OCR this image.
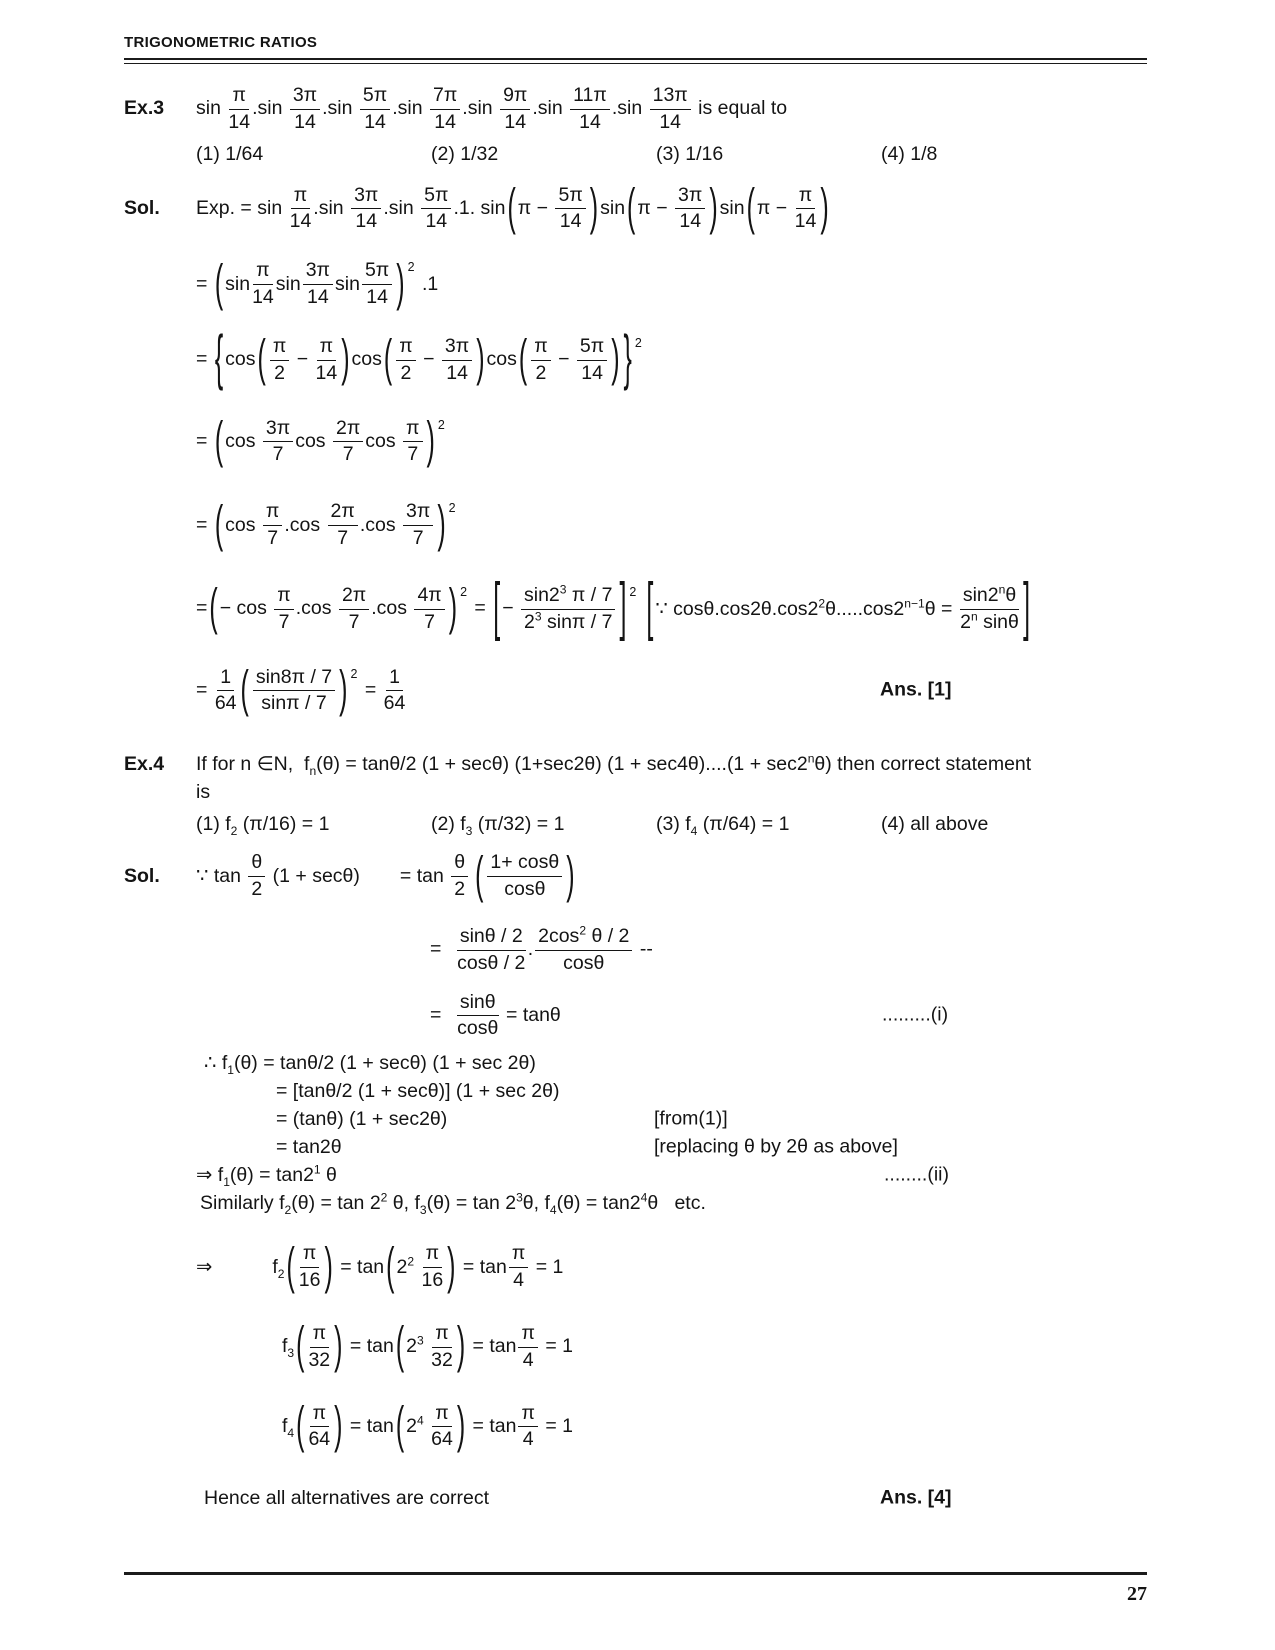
TRIGONOMETRIC RATIOS
Ex.3	$\sin \frac{\pi}{14} .\sin \frac{3\pi}{14} .\sin \frac{5\pi}{14} .\sin \frac{7\pi}{14} .\sin \frac{9\pi}{14} .\sin \frac{11\pi}{14} .\sin \frac{13\pi}{14}$ is equal to
(1) 1/64	(2) 1/32	(3) 1/16	(4) 1/8
Sol.	Exp. = $\sin \frac{\pi}{14} .\sin \frac{3\pi}{14} .\sin \frac{5\pi}{14} .1$. sin ( $\pi - \frac{5\pi}{14}$ ) sin ( $\pi - \frac{3\pi}{14}$ ) sin ( $\pi - \frac{\pi}{14}$ )
= ( $\sin \frac{\pi}{14}$ $\sin \frac{3\pi}{14}$ $\sin \frac{5\pi}{14}$ ) 2
.1
= { cos ( $\frac{\pi}{2} - \frac{\pi}{14}$ ) cos ( $\frac{\pi}{2} - \frac{3\pi}{14}$ ) cos ( $\frac{\pi}{2} - \frac{5\pi}{14}$ ) } 2
= ( $\cos \frac{3\pi}{7}$ $\cos \frac{2\pi}{7}$ $\cos \frac{\pi}{7}$ ) 2
= ( $\cos \frac{\pi}{7} .\cos \frac{2\pi}{7} .\cos \frac{3\pi}{7}$ ) 2
= ( − $\cos \frac{\pi}{7} .\cos \frac{2\pi}{7} .\cos \frac{4\pi}{7}$ ) 2
= [ − $\frac{\sin 2^3 \pi / 7}{2^3 \sin\pi / 7}$ ] 2 [ ∵ $\cos\theta.\cos 2\theta.\cos 2^2\theta.....\cos 2^{n-1}\theta = \frac{\sin 2^n\theta}{2^n \sin\theta}$ ]
= $\frac{1}{64}$ ( $\frac{\sin 8\pi / 7}{\sin\pi / 7}$ ) 2
= $\frac{1}{64}$	Ans. [1]
Ex.4	If for n ∈N,  $f_n(\theta) = \tan\theta/2$ (1 + secθ) (1+sec2θ) $(1 + \sec 4\theta)....(1 + \sec 2^n\theta)$ then correct statement
is
(1) $f_2$ (π/16) = 1	(2) $f_3$ (π/32) = 1	(3) $f_4$ (π/64) = 1	(4) all above
Sol.	∵ $\tan \frac{\theta}{2} (1 + \sec\theta) = \tan \frac{\theta}{2}$ ( $\frac{1+ \cos\theta}{\cos\theta}$ )
= $\frac{\sin\theta / 2}{\cos\theta / 2}$ . $\frac{2\cos^2 \theta / 2}{\cos\theta}$ --
= $\frac{\sin\theta}{\cos\theta} = \tan\theta$	.........(i)
∴ $f_1(\theta) = \tan\theta/2$ (1 + secθ) (1 + sec 2θ)
= [tanθ/2 (1 + secθ)] (1 + sec 2θ)
= (tanθ) (1 + sec2θ)	[from(1)]
= tan2θ	[replacing θ by 2θ as above]
⇒ $f_1(\theta) = \tan 2^1$ θ	........(ii)
Similarly $f_2(\theta) = \tan 2^2$ θ, $f_3(\theta) = \tan 2^3\theta$, $f_4(\theta) = \tan 2^4\theta$   etc.
⇒	$f_2$ ( $\frac{\pi}{16}$ ) = tan ( $2^2 \frac{\pi}{16}$ ) = $\tan \frac{\pi}{4} = 1$
$f_3$ ( $\frac{\pi}{32}$ ) = tan ( $2^3 \frac{\pi}{32}$ ) = $\tan \frac{\pi}{4} = 1$
$f_4$ ( $\frac{\pi}{64}$ ) = tan ( $2^4 \frac{\pi}{64}$ ) = $\tan \frac{\pi}{4} = 1$
Hence all alternatives are correct	Ans. [4]
27
